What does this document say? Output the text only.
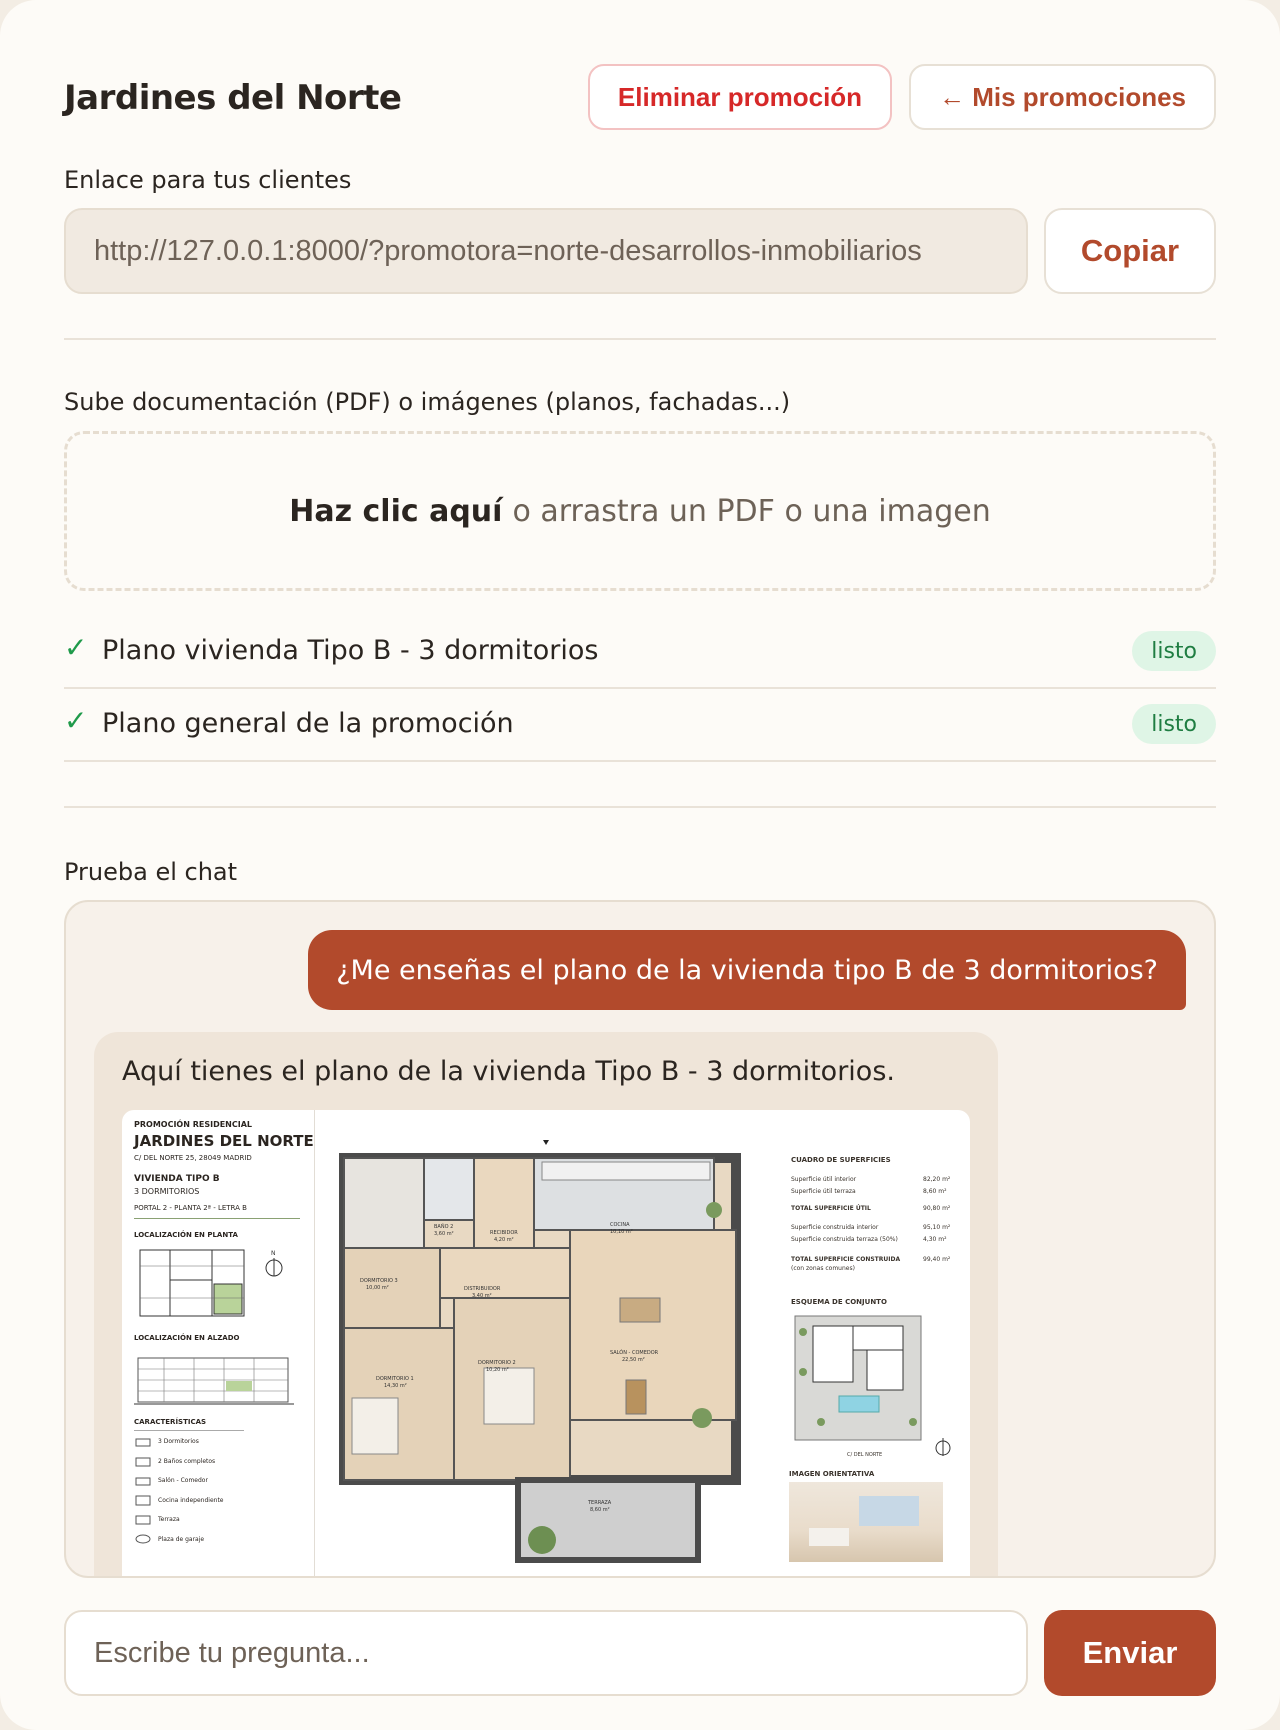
Jardines del Norte	Eliminar promoción	← Mis promociones
Enlace para tus clientes
http://127.0.0.1:8000/?promotora=norte-desarrollos-inmobiliarios	Copiar
Sube documentación (PDF) o imágenes (planos, fachadas...)
Haz clic aquí o arrastra un PDF o una imagen
✓ Plano vivienda Tipo B - 3 dormitorios	listo
✓ Plano general de la promoción	listo
Prueba el chat
¿Me enseñas el plano de la vivienda tipo B de 3 dormitorios?

Aquí tienes el plano de la vivienda Tipo B - 3 dormitorios.

PROMOCIÓN RESIDENCIAL
JARDINES DEL NORTE
C/ DEL NORTE 25, 28049 MADRID
VIVIENDA TIPO B
3 DORMITORIOS
PORTAL 2 - PLANTA 2ª - LETRA B
LOCALIZACIÓN EN PLANTA
N
LOCALIZACIÓN EN ALZADO
CARACTERÍSTICAS
3 Dormitorios
2 Baños completos
Salón - Comedor
Cocina independiente
Terraza
Plaza de garaje
BAÑO 2
3,60 m²	RECIBIDOR
4,20 m²
COCINA
10,10 m²
DORMITORIO 3
10,00 m²	DISTRIBUIDOR
3,40 m²
SALÓN - COMEDOR
22,50 m²
DORMITORIO 2
10,20 m²
DORMITORIO 1
14,30 m²
TERRAZA
8,60 m²
CUADRO DE SUPERFICIES
Superficie útil interior	82,20 m²
Superficie útil terraza	8,60 m²
TOTAL SUPERFICIE ÚTIL	90,80 m²
Superficie construida interior	95,10 m²
Superficie construida terraza (50%)	4,30 m²
TOTAL SUPERFICIE CONSTRUIDA	99,40 m²
(con zonas comunes)
ESQUEMA DE CONJUNTO
C/ DEL NORTE
IMAGEN ORIENTATIVA
Escribe tu pregunta...
Enviar
